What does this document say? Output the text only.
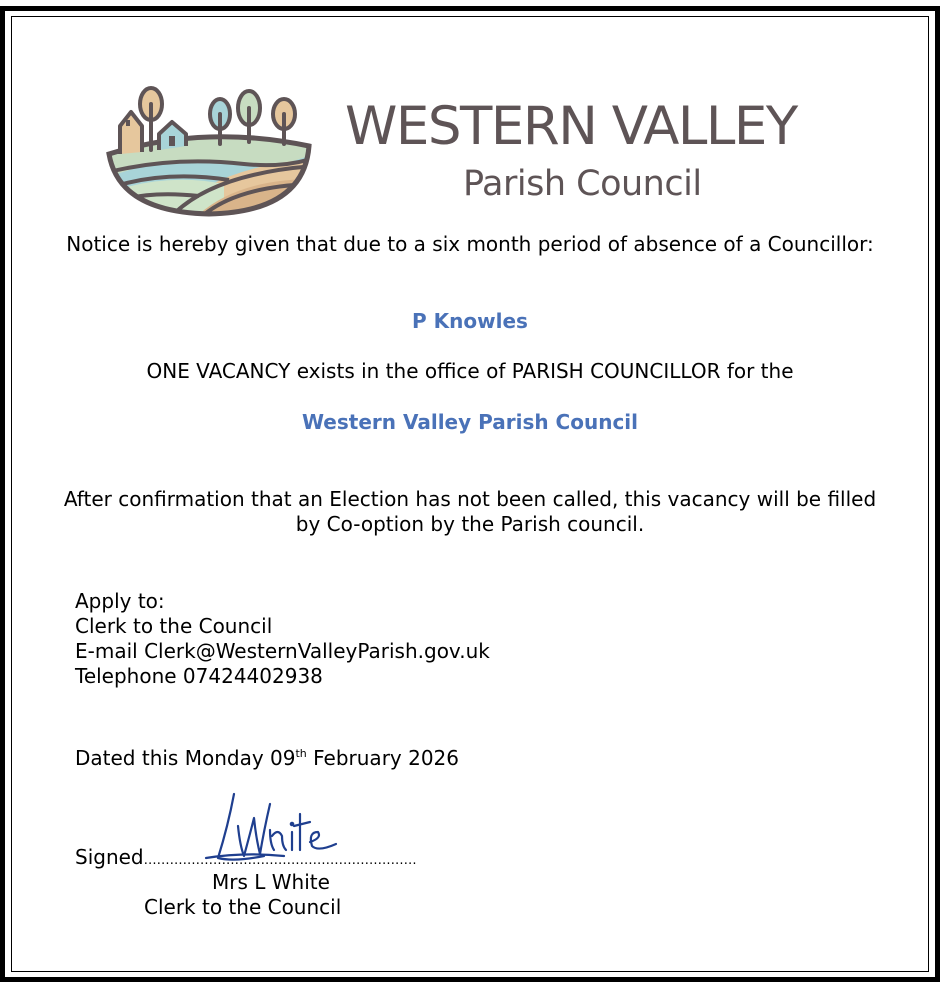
WESTERN VALLEY
Parish Council
Notice is hereby given that due to a six month period of absence of a Councillor:
P Knowles
ONE VACANCY exists in the office of PARISH COUNCILLOR for the
Western Valley Parish Council
After confirmation that an Election has not been called, this vacancy will be filled by Co-option by the Parish council.
Apply to:
Clerk to the Council
E-mail Clerk@WesternValleyParish.gov.uk
Telephone 07424402938
Dated this Monday 09th February 2026
Signed………………………………………………………
Mrs L White
Clerk to the Council
